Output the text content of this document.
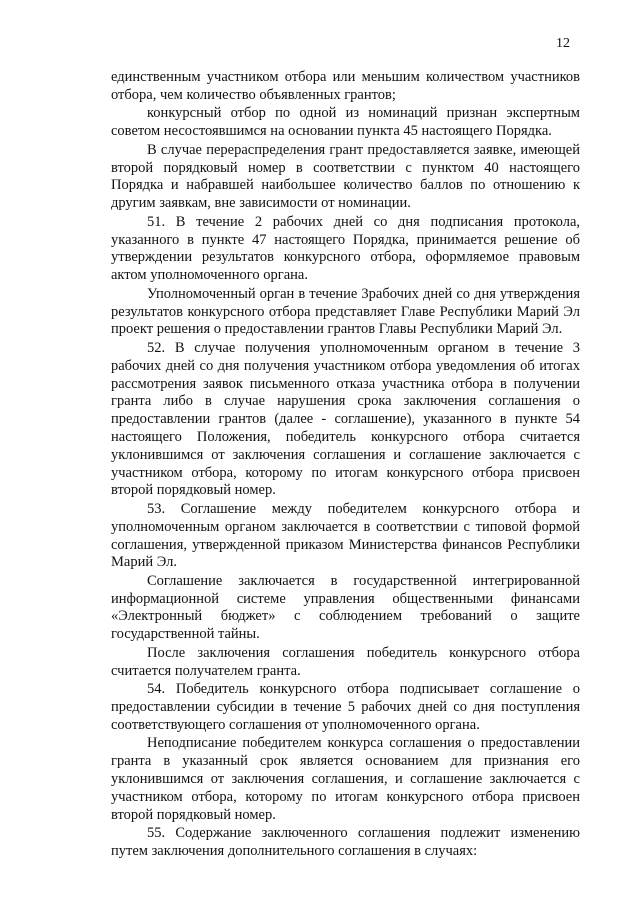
12

единственным участником отбора или меньшим количеством участников отбора, чем количество объявленных грантов;

конкурсный отбор по одной из номинаций признан экспертным советом несостоявшимся на основании пункта 45 настоящего Порядка.

В случае перераспределения грант предоставляется заявке, имеющей второй порядковый номер в соответствии с пунктом 40 настоящего Порядка и набравшей наибольшее количество баллов по отношению к другим заявкам, вне зависимости от номинации.

51. В течение 2 рабочих дней со дня подписания протокола, указанного в пункте 47 настоящего Порядка, принимается решение об утверждении результатов конкурсного отбора, оформляемое правовым актом уполномоченного органа.

Уполномоченный орган в течение 3рабочих дней со дня утверждения результатов конкурсного отбора представляет Главе Республики Марий Эл проект решения о предоставлении грантов Главы Республики Марий Эл.

52. В случае получения уполномоченным органом в течение 3 рабочих дней со дня получения участником отбора уведомления об итогах рассмотрения заявок письменного отказа участника отбора в получении гранта либо в случае нарушения срока заключения соглашения о предоставлении грантов (далее - соглашение), указанного в пункте 54 настоящего Положения, победитель конкурсного отбора считается уклонившимся от заключения соглашения и соглашение заключается с участником отбора, которому по итогам конкурсного отбора присвоен второй порядковый номер.

53. Соглашение между победителем конкурсного отбора и уполномоченным органом заключается в соответствии с типовой формой соглашения, утвержденной приказом Министерства финансов Республики Марий Эл.

Соглашение заключается в государственной интегрированной информационной системе управления общественными финансами «Электронный бюджет» с соблюдением требований о защите государственной тайны.

После заключения соглашения победитель конкурсного отбора считается получателем гранта.

54. Победитель конкурсного отбора подписывает соглашение о предоставлении субсидии в течение 5 рабочих дней со дня поступления соответствующего соглашения от уполномоченного органа.

Неподписание победителем конкурса соглашения о предоставлении гранта в указанный срок является основанием для признания его уклонившимся от заключения соглашения, и соглашение заключается с участником отбора, которому по итогам конкурсного отбора присвоен второй порядковый номер.

55. Содержание заключенного соглашения подлежит изменению путем заключения дополнительного соглашения в случаях:
